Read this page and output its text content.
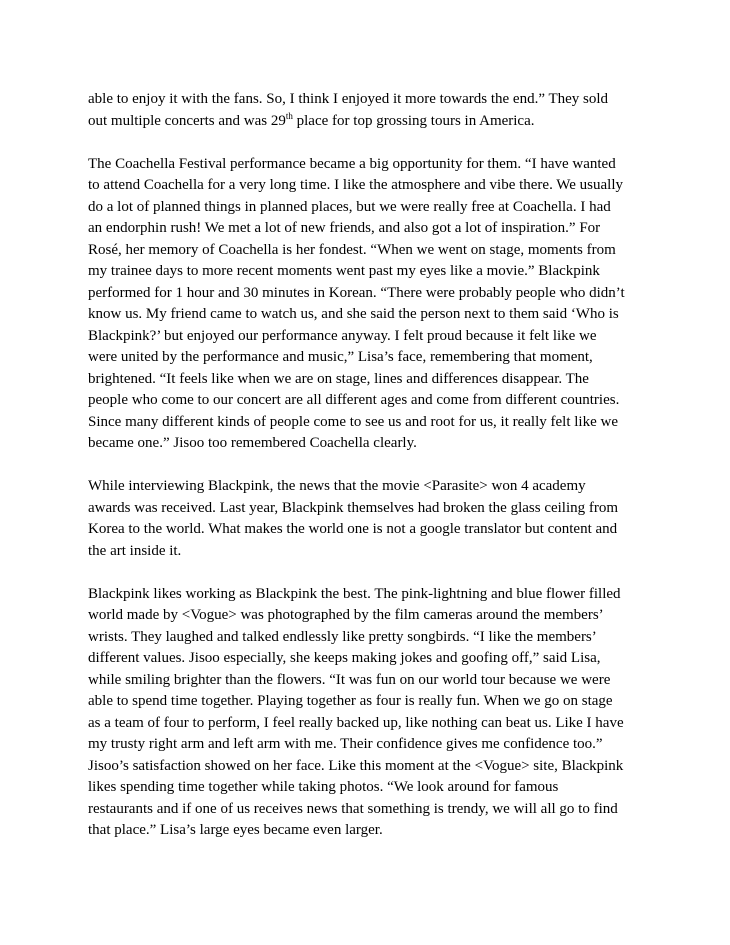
able to enjoy it with the fans. So, I think I enjoyed it more towards the end.” They sold
out multiple concerts and was 29th place for top grossing tours in America.

The Coachella Festival performance became a big opportunity for them. “I have wanted
to attend Coachella for a very long time. I like the atmosphere and vibe there. We usually
do a lot of planned things in planned places, but we were really free at Coachella. I had
an endorphin rush! We met a lot of new friends, and also got a lot of inspiration.” For
Rosé, her memory of Coachella is her fondest. “When we went on stage, moments from
my trainee days to more recent moments went past my eyes like a movie.” Blackpink
performed for 1 hour and 30 minutes in Korean. “There were probably people who didn’t
know us. My friend came to watch us, and she said the person next to them said ‘Who is
Blackpink?’ but enjoyed our performance anyway. I felt proud because it felt like we
were united by the performance and music,” Lisa’s face, remembering that moment,
brightened. “It feels like when we are on stage, lines and differences disappear. The
people who come to our concert are all different ages and come from different countries.
Since many different kinds of people come to see us and root for us, it really felt like we
became one.” Jisoo too remembered Coachella clearly.

While interviewing Blackpink, the news that the movie <Parasite> won 4 academy
awards was received. Last year, Blackpink themselves had broken the glass ceiling from
Korea to the world. What makes the world one is not a google translator but content and
the art inside it.

Blackpink likes working as Blackpink the best. The pink-lightning and blue flower filled
world made by <Vogue> was photographed by the film cameras around the members’
wrists. They laughed and talked endlessly like pretty songbirds. “I like the members’
different values. Jisoo especially, she keeps making jokes and goofing off,” said Lisa,
while smiling brighter than the flowers. “It was fun on our world tour because we were
able to spend time together. Playing together as four is really fun. When we go on stage
as a team of four to perform, I feel really backed up, like nothing can beat us. Like I have
my trusty right arm and left arm with me. Their confidence gives me confidence too.”
Jisoo’s satisfaction showed on her face. Like this moment at the <Vogue> site, Blackpink
likes spending time together while taking photos. “We look around for famous
restaurants and if one of us receives news that something is trendy, we will all go to find
that place.” Lisa’s large eyes became even larger.
